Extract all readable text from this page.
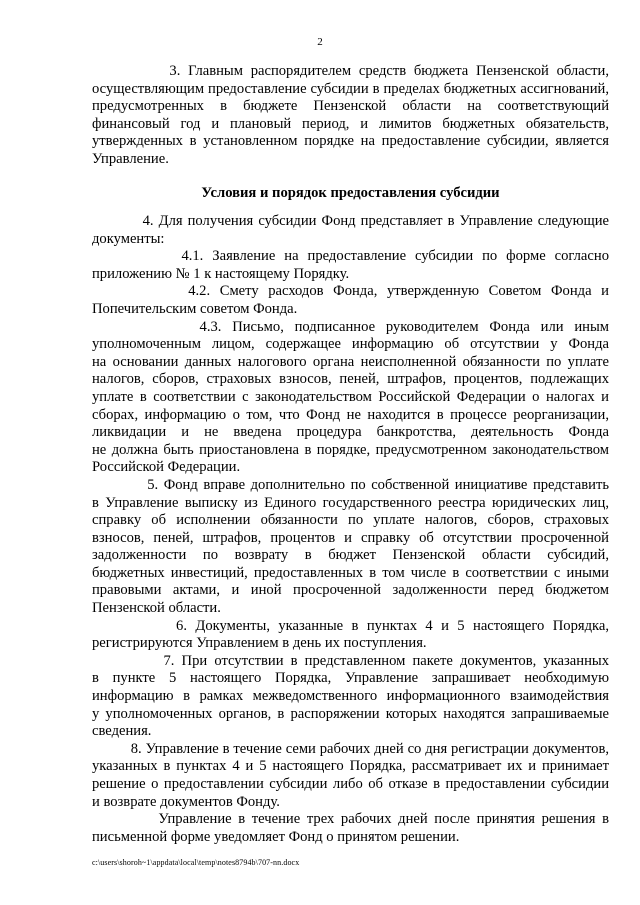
2
3. Главным распорядителем средств бюджета Пензенской области,
осуществляющим предоставление субсидии в пределах бюджетных ассигнований,
предусмотренных в бюджете Пензенской области на соответствующий
финансовый год и плановый период, и лимитов бюджетных обязательств,
утвержденных в установленном порядке на предоставление субсидии, является
Управление.
Условия и порядок предоставления субсидии
4. Для получения субсидии Фонд представляет в Управление следующие
документы:
4.1. Заявление на предоставление субсидии по форме согласно
приложению № 1 к настоящему Порядку.
4.2. Смету расходов Фонда, утвержденную Советом Фонда и
Попечительским советом Фонда.
4.3. Письмо, подписанное руководителем Фонда или иным
уполномоченным лицом, содержащее информацию об отсутствии у Фонда
на основании данных налогового органа неисполненной обязанности по уплате
налогов, сборов, страховых взносов, пеней, штрафов, процентов, подлежащих
уплате в соответствии с законодательством Российской Федерации о налогах и
сборах, информацию о том, что Фонд не находится в процессе реорганизации,
ликвидации и не введена процедура банкротства, деятельность Фонда
не должна быть приостановлена в порядке, предусмотренном законодательством
Российской Федерации.
5. Фонд вправе дополнительно по собственной инициативе представить
в Управление выписку из Единого государственного реестра юридических лиц,
справку об исполнении обязанности по уплате налогов, сборов, страховых
взносов, пеней, штрафов, процентов и справку об отсутствии просроченной
задолженности по возврату в бюджет Пензенской области субсидий,
бюджетных инвестиций, предоставленных в том числе в соответствии с иными
правовыми актами, и иной просроченной задолженности перед бюджетом
Пензенской области.
6. Документы, указанные в пунктах 4 и 5 настоящего Порядка,
регистрируются Управлением в день их поступления.
7. При отсутствии в представленном пакете документов, указанных
в пункте 5 настоящего Порядка, Управление запрашивает необходимую
информацию в рамках межведомственного информационного взаимодействия
у уполномоченных органов, в распоряжении которых находятся запрашиваемые
сведения.
8. Управление в течение семи рабочих дней со дня регистрации документов,
указанных в пунктах 4 и 5 настоящего Порядка, рассматривает их и принимает
решение о предоставлении субсидии либо об отказе в предоставлении субсидии
и возврате документов Фонду.
Управление в течение трех рабочих дней после принятия решения в
письменной форме уведомляет Фонд о принятом решении.
c:\users\shoroh~1\appdata\local\temp\notes8794b\707-nn.docx
